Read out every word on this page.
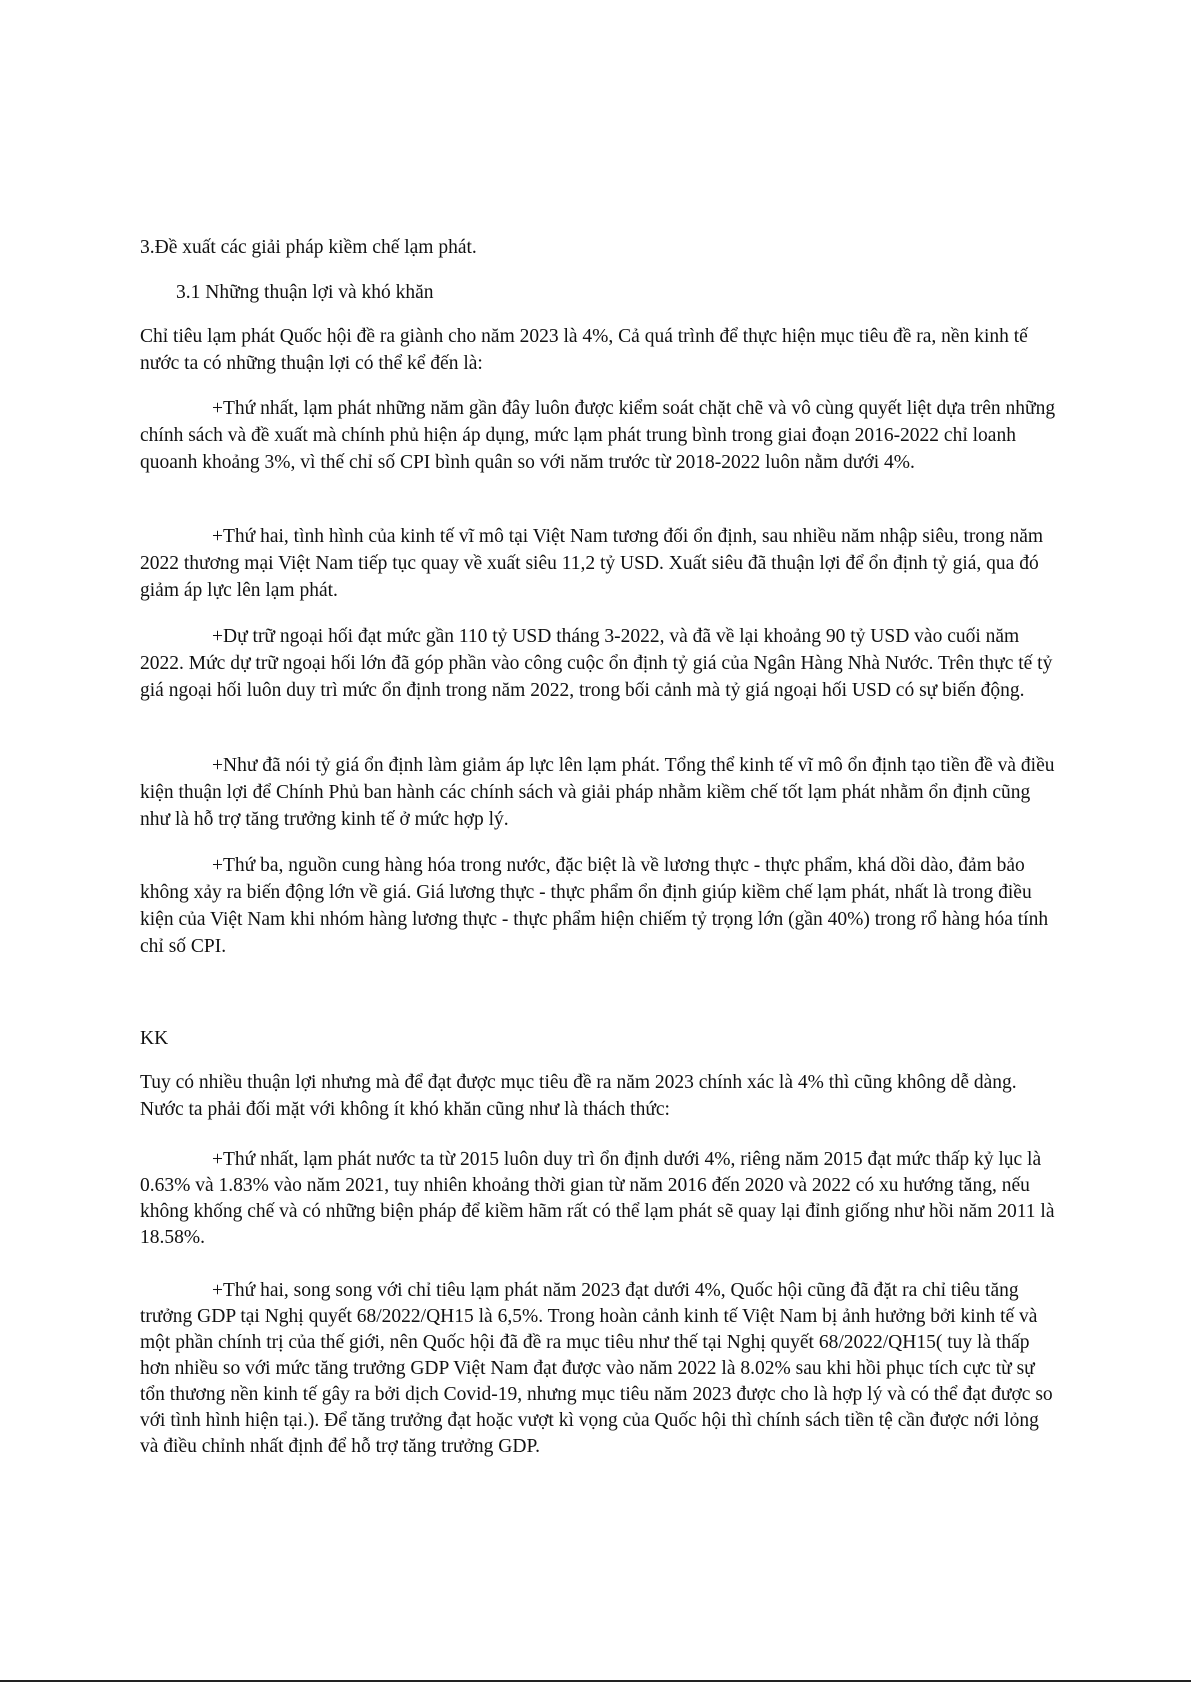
3.Đề xuất các giải pháp kiềm chế lạm phát.

3.1 Những thuận lợi và khó khăn

Chỉ tiêu lạm phát Quốc hội đề ra giành cho năm 2023 là 4%, Cả quá trình để thực hiện mục tiêu đề ra, nền kinh tế nước ta có những thuận lợi có thể kể đến là:

+Thứ nhất, lạm phát những năm gần đây luôn được kiểm soát chặt chẽ và vô cùng quyết liệt dựa trên những chính sách và đề xuất mà chính phủ hiện áp dụng, mức lạm phát trung bình trong giai đoạn 2016-2022 chỉ loanh quoanh khoảng 3%, vì thế chỉ số CPI bình quân so với năm trước từ 2018-2022 luôn nằm dưới 4%.

+Thứ hai, tình hình của kinh tế vĩ mô tại Việt Nam tương đối ổn định, sau nhiều năm nhập siêu, trong năm 2022 thương mại Việt Nam tiếp tục quay về xuất siêu 11,2 tỷ USD. Xuất siêu đã thuận lợi để ổn định tỷ giá, qua đó giảm áp lực lên lạm phát.

+Dự trữ ngoại hối đạt mức gần 110 tỷ USD tháng 3-2022, và đã về lại khoảng 90 tỷ USD vào cuối năm 2022. Mức dự trữ ngoại hối lớn đã góp phần vào công cuộc ổn định tỷ giá của Ngân Hàng Nhà Nước. Trên thực tế tỷ giá ngoại hối luôn duy trì mức ổn định trong năm 2022, trong bối cảnh mà tỷ giá ngoại hối USD có sự biến động.

+Như đã nói tỷ giá ổn định làm giảm áp lực lên lạm phát. Tổng thể kinh tế vĩ mô ổn định tạo tiền đề và điều kiện thuận lợi để Chính Phủ ban hành các chính sách và giải pháp nhằm kiềm chế tốt lạm phát nhằm ổn định cũng như là hỗ trợ tăng trưởng kinh tế ở mức hợp lý.

+Thứ ba, nguồn cung hàng hóa trong nước, đặc biệt là về lương thực - thực phẩm, khá dồi dào, đảm bảo không xảy ra biến động lớn về giá. Giá lương thực - thực phẩm ổn định giúp kiềm chế lạm phát, nhất là trong điều kiện của Việt Nam khi nhóm hàng lương thực - thực phẩm hiện chiếm tỷ trọng lớn (gần 40%) trong rổ hàng hóa tính chỉ số CPI.

KK

Tuy có nhiều thuận lợi nhưng mà để đạt được mục tiêu đề ra năm 2023 chính xác là 4% thì cũng không dễ dàng. Nước ta phải đối mặt với không ít khó khăn cũng như là thách thức:

+Thứ nhất, lạm phát nước ta từ 2015 luôn duy trì ổn định dưới 4%, riêng năm 2015 đạt mức thấp kỷ lục là 0.63% và 1.83% vào năm 2021, tuy nhiên khoảng thời gian từ năm 2016 đến 2020 và 2022 có xu hướng tăng, nếu không khống chế và có những biện pháp để kiềm hãm rất có thể lạm phát sẽ quay lại đỉnh giống như hồi năm 2011 là 18.58%.

+Thứ hai, song song với chỉ tiêu lạm phát năm 2023 đạt dưới 4%, Quốc hội cũng đã đặt ra chỉ tiêu tăng trưởng GDP tại Nghị quyết 68/2022/QH15 là 6,5%. Trong hoàn cảnh kinh tế Việt Nam bị ảnh hưởng bởi kinh tế và một phần chính trị của thế giới, nên Quốc hội đã đề ra mục tiêu như thế tại Nghị quyết 68/2022/QH15( tuy là thấp hơn nhiều so với mức tăng trưởng GDP Việt Nam đạt được vào năm 2022 là 8.02% sau khi hồi phục tích cực từ sự tổn thương nền kinh tế gây ra bởi dịch Covid-19, nhưng mục tiêu năm 2023 được cho là hợp lý và có thể đạt được so với tình hình hiện tại.). Để tăng trưởng đạt hoặc vượt kì vọng của Quốc hội thì chính sách tiền tệ cần được nới lỏng và điều chỉnh nhất định để hỗ trợ tăng trưởng GDP.
